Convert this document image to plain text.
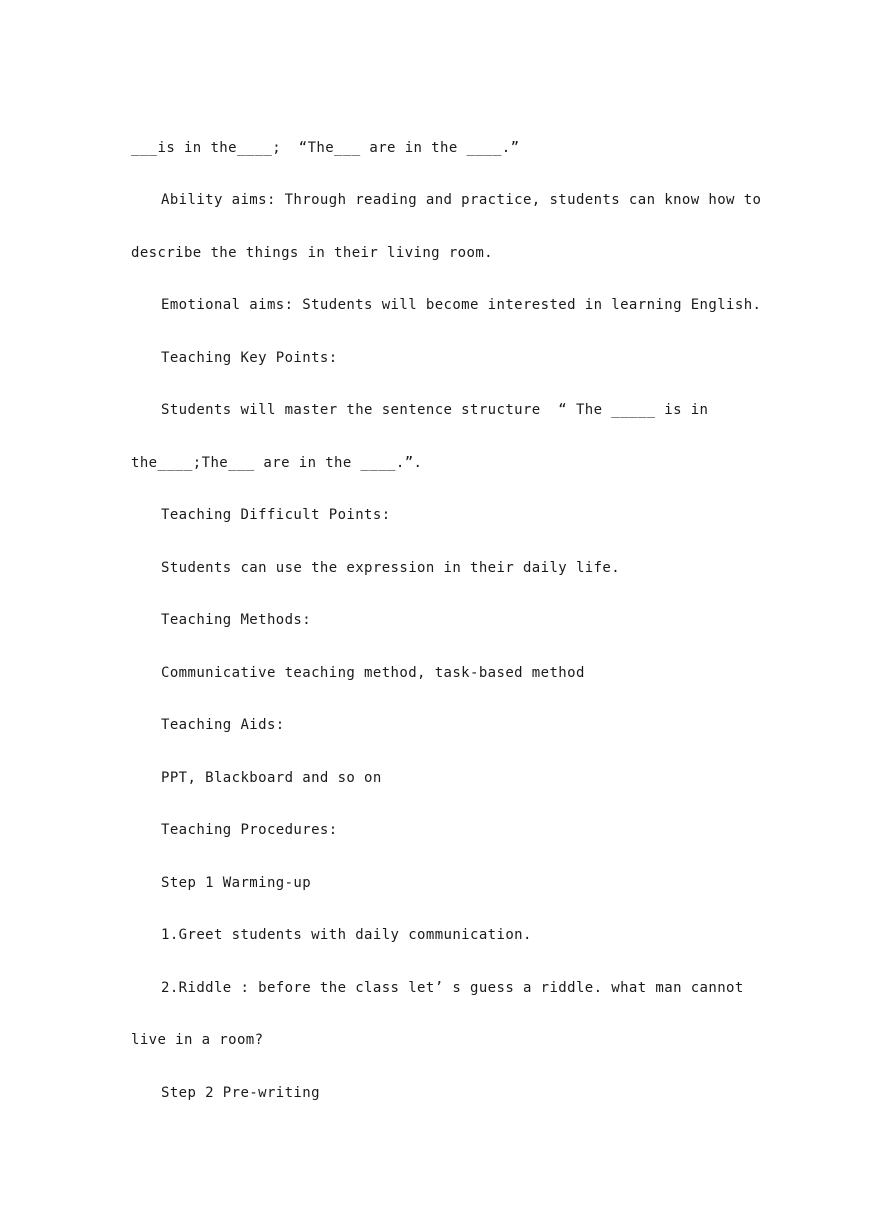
___is in the____;  “The___ are in the ____.”

Ability aims: Through reading and practice, students can know how to

describe the things in their living room.

Emotional aims: Students will become interested in learning English.

Teaching Key Points:

Students will master the sentence structure  “ The _____ is in

the____;The___ are in the ____.”.

Teaching Difficult Points:

Students can use the expression in their daily life.

Teaching Methods:

Communicative teaching method, task-based method

Teaching Aids:

PPT, Blackboard and so on

Teaching Procedures:

Step 1 Warming-up

1.Greet students with daily communication.

2.Riddle : before the class let’ s guess a riddle. what man cannot

live in a room?

Step 2 Pre-writing
